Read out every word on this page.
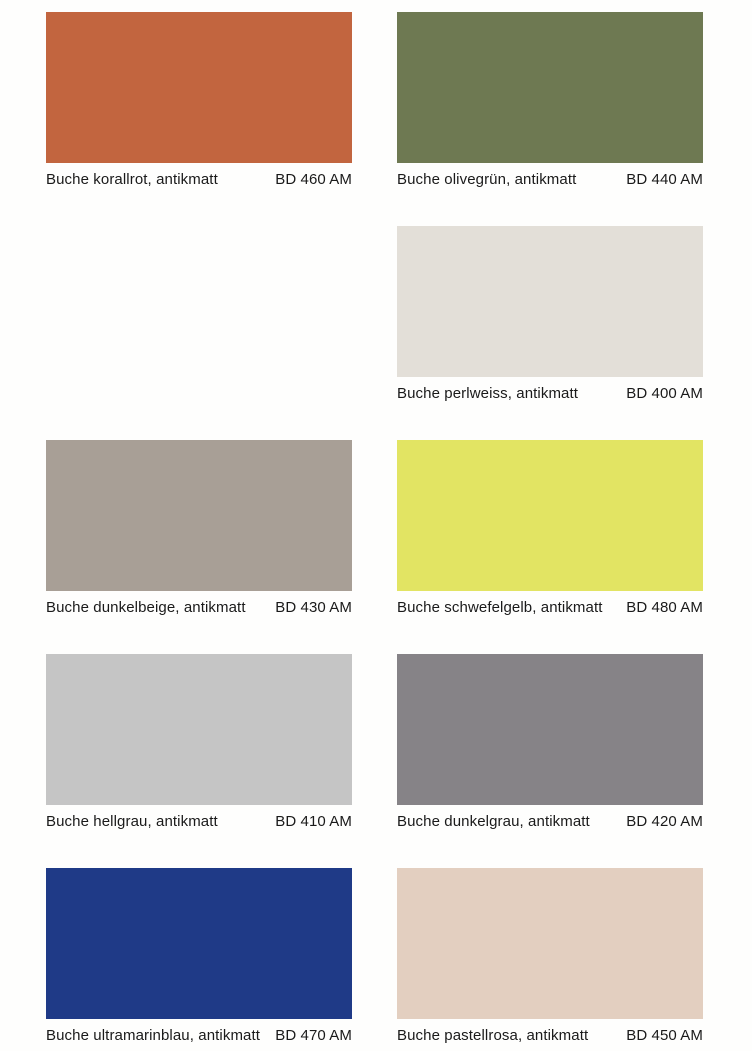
Buche korallrot, antikmatt	BD 460 AM	Buche olivegrün, antikmatt	BD 440 AM
Buche perlweiss, antikmatt	BD 400 AM
Buche dunkelbeige, antikmatt BD 430 AM	Buche schwefelgelb, antikmatt BD 480 AM
Buche hellgrau, antikmatt	BD 410 AM	Buche dunkelgrau, antikmatt BD 420 AM
Buche ultramarinblau, antikmatt BD 470 AM	Buche pastellrosa, antikmatt	BD 450 AM
